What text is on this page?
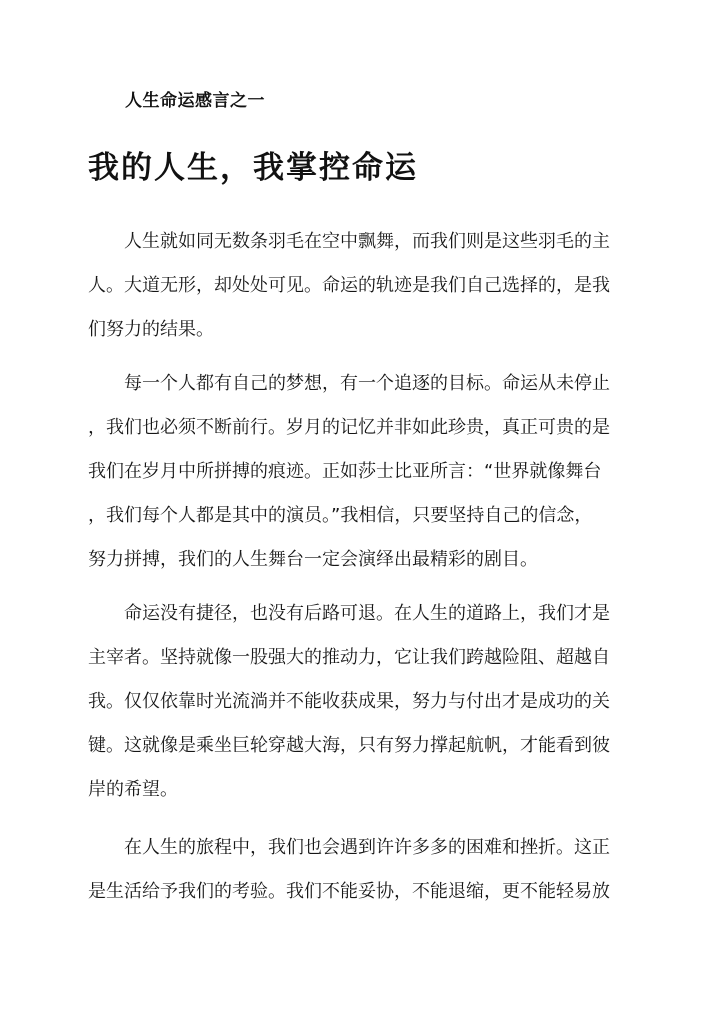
人生命运感言之一

我的人生，我掌控命运

人生就如同无数条羽毛在空中飘舞，而我们则是这些羽毛的主

人。大道无形，却处处可见。命运的轨迹是我们自己选择的，是我

们努力的结果。

每一个人都有自己的梦想，有一个追逐的目标。命运从未停止

，我们也必须不断前行。岁月的记忆并非如此珍贵，真正可贵的是

我们在岁月中所拼搏的痕迹。正如莎士比亚所言：“世界就像舞台

，我们每个人都是其中的演员。”我相信，只要坚持自己的信念，

努力拼搏，我们的人生舞台一定会演绎出最精彩的剧目。

命运没有捷径，也没有后路可退。在人生的道路上，我们才是

主宰者。坚持就像一股强大的推动力，它让我们跨越险阻、超越自

我。仅仅依靠时光流淌并不能收获成果，努力与付出才是成功的关

键。这就像是乘坐巨轮穿越大海，只有努力撑起航帆，才能看到彼

岸的希望。

在人生的旅程中，我们也会遇到许许多多的困难和挫折。这正

是生活给予我们的考验。我们不能妥协，不能退缩，更不能轻易放
